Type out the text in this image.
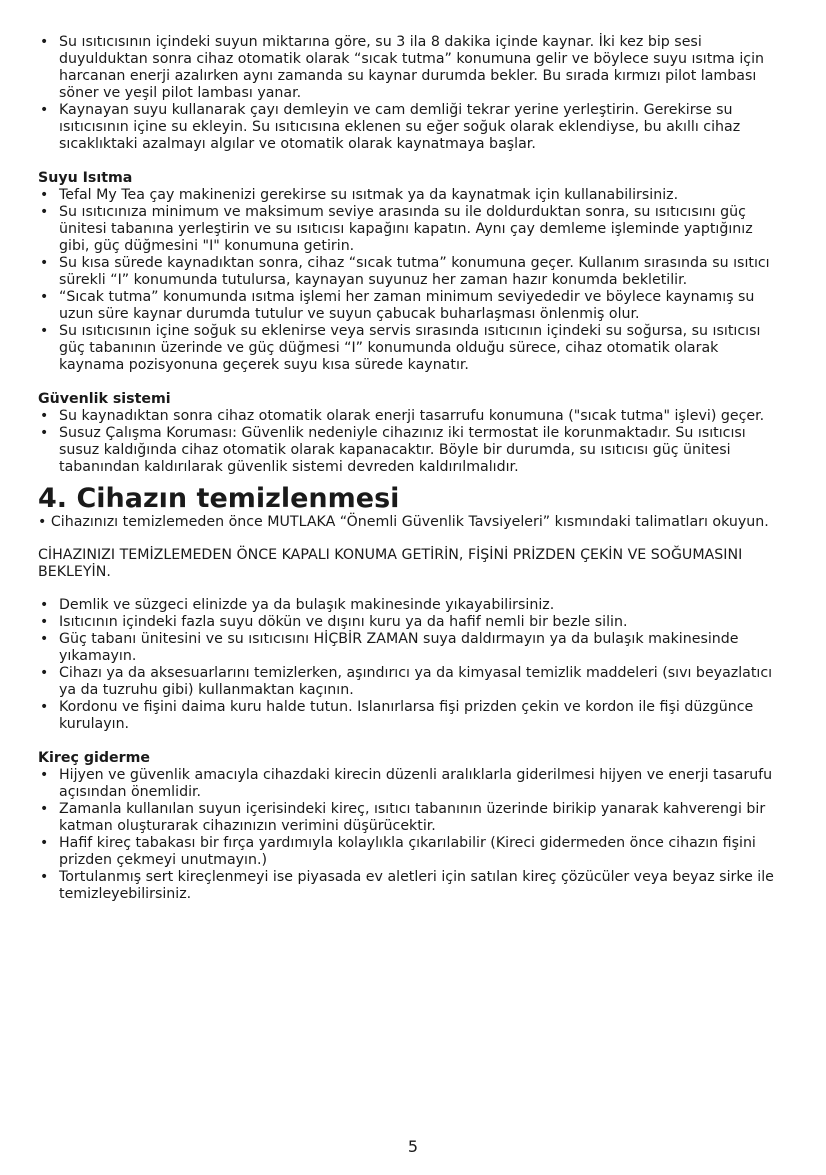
• Su ısıtıcısının içindeki suyun miktarına göre, su 3 ila 8 dakika içinde kaynar. İki kez bip sesi duyulduktan sonra cihaz otomatik olarak “sıcak tutma” konumuna gelir ve böylece suyu ısıtma için harcanan enerji azalırken aynı zamanda su kaynar durumda bekler. Bu sırada kırmızı pilot lambası söner ve yeşil pilot lambası yanar.
• Kaynayan suyu kullanarak çayı demleyin ve cam demliği tekrar yerine yerleştirin. Gerekirse su ısıtıcısının içine su ekleyin. Su ısıtıcısına eklenen su eğer soğuk olarak eklendiyse, bu akıllı cihaz sıcaklıktaki azalmayı algılar ve otomatik olarak kaynatmaya başlar.

Suyu Isıtma

• Tefal My Tea çay makinenizi gerekirse su ısıtmak ya da kaynatmak için kullanabilirsiniz.
• Su ısıtıcınıza minimum ve maksimum seviye arasında su ile doldurduktan sonra, su ısıtıcısını güç ünitesi tabanına yerleştirin ve su ısıtıcısı kapağını kapatın. Aynı çay demleme işleminde yaptığınız gibi, güç düğmesini "I" konumuna getirin.
• Su kısa sürede kaynadıktan sonra, cihaz “sıcak tutma” konumuna geçer. Kullanım sırasında su ısıtıcı sürekli “I” konumunda tutulursa, kaynayan suyunuz her zaman hazır konumda bekletilir.
• “Sıcak tutma” konumunda ısıtma işlemi her zaman minimum seviyededir ve böylece kaynamış su uzun süre kaynar durumda tutulur ve suyun çabucak buharlaşması önlenmiş olur.
• Su ısıtıcısının içine soğuk su eklenirse veya servis sırasında ısıtıcının içindeki su soğursa, su ısıtıcısı güç tabanının üzerinde ve güç düğmesi “I” konumunda olduğu sürece, cihaz otomatik olarak kaynama pozisyonuna geçerek suyu kısa sürede kaynatır.

Güvenlik sistemi

• Su kaynadıktan sonra cihaz otomatik olarak enerji tasarrufu konumuna ("sıcak tutma" işlevi) geçer.
• Susuz Çalışma Koruması: Güvenlik nedeniyle cihazınız iki termostat ile korunmaktadır. Su ısıtıcısı susuz kaldığında cihaz otomatik olarak kapanacaktır. Böyle bir durumda, su ısıtıcısı güç ünitesi tabanından kaldırılarak güvenlik sistemi devreden kaldırılmalıdır.
4. Cihazın temizlenmesi

• Cihazınızı temizlemeden önce MUTLAKA “Önemli Güvenlik Tavsiyeleri” kısmındaki talimatları okuyun.

CİHAZINIZI TEMİZLEMEDEN ÖNCE KAPALI KONUMA GETİRİN, FİŞİNİ PRİZDEN ÇEKİN VE SOĞUMASINI BEKLEYİN.

• Demlik ve süzgeci elinizde ya da bulaşık makinesinde yıkayabilirsiniz.
• Isıtıcının içindeki fazla suyu dökün ve dışını kuru ya da hafif nemli bir bezle silin.
• Güç tabanı ünitesini ve su ısıtıcısını HİÇBİR ZAMAN suya daldırmayın ya da bulaşık makinesinde yıkamayın.
• Cihazı ya da aksesuarlarını temizlerken, aşındırıcı ya da kimyasal temizlik maddeleri (sıvı beyazlatıcı ya da tuzruhu gibi) kullanmaktan kaçının.
• Kordonu ve fişini daima kuru halde tutun. Islanırlarsa fişi prizden çekin ve kordon ile fişi düzgünce kurulayın.

Kireç giderme

• Hijyen ve güvenlik amacıyla cihazdaki kirecin düzenli aralıklarla giderilmesi hijyen ve enerji tasarufu açısından önemlidir.
• Zamanla kullanılan suyun içerisindeki kireç, ısıtıcı tabanının üzerinde birikip yanarak kahverengi bir katman oluşturarak cihazınızın verimini düşürücektir.
• Hafif kireç tabakası bir fırça yardımıyla kolaylıkla çıkarılabilir (Kireci gidermeden önce cihazın fişini prizden çekmeyi unutmayın.)
• Tortulanmış sert kireçlenmeyi ise piyasada ev aletleri için satılan kireç çözücüler veya beyaz sirke ile temizleyebilirsiniz.
5
